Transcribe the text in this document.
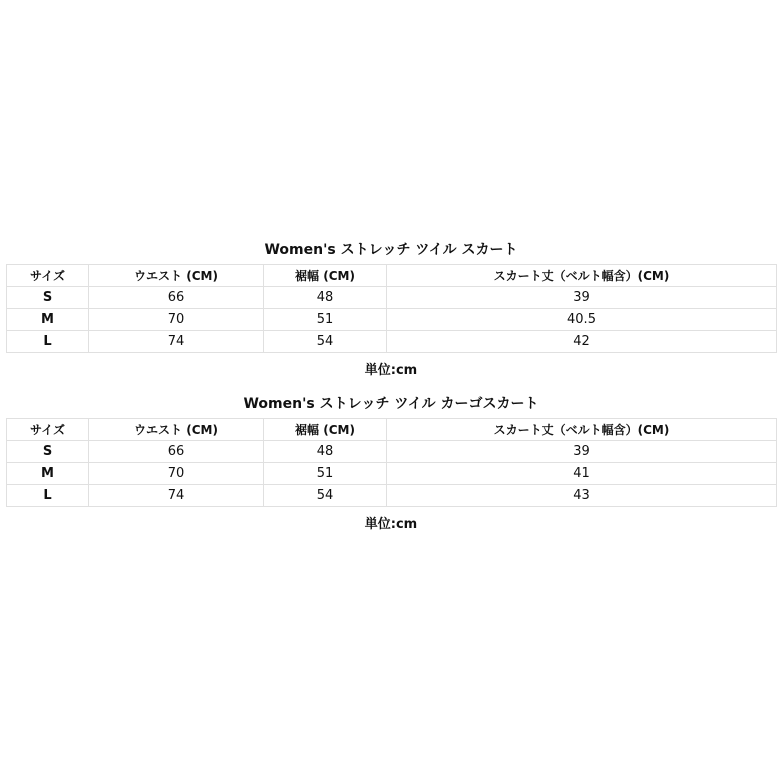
Women's ストレッチ ツイル スカート
サイズ	ウエスト (CM)	裾幅 (CM)	スカート丈（ベルト幅含）(CM)
S	66	48	39
M	70	51	40.5
L	74	54	42
単位:cm
Women's ストレッチ ツイル カーゴスカート
サイズ	ウエスト (CM)	裾幅 (CM)	スカート丈（ベルト幅含）(CM)
S	66	48	39
M	70	51	41
L	74	54	43
単位:cm
